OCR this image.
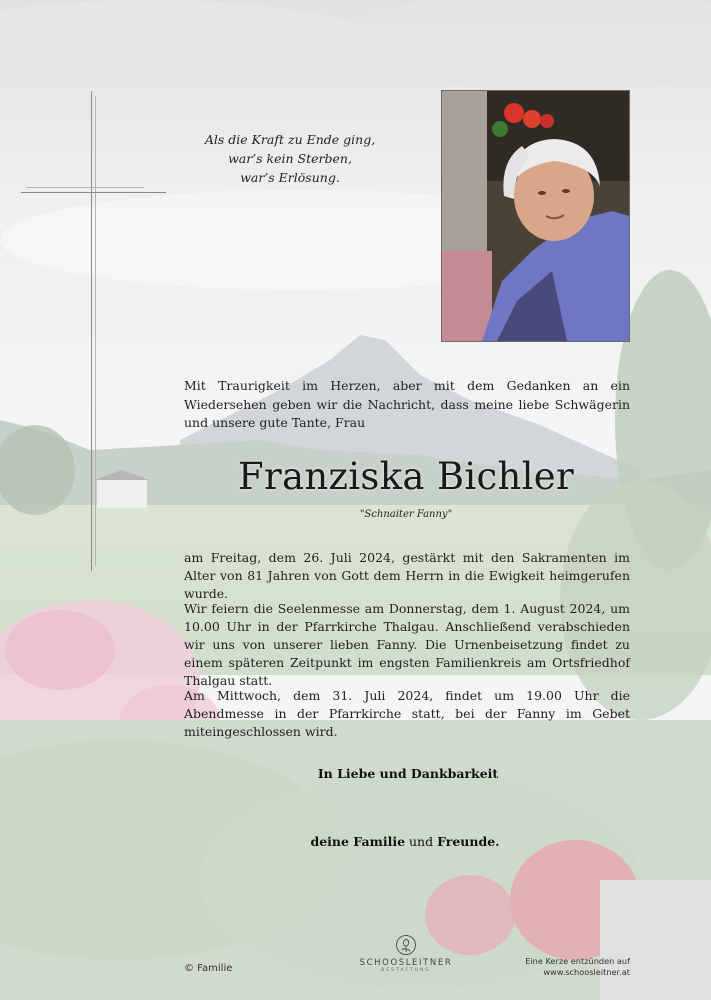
Als die Kraft zu Ende ging,
war’s kein Sterben,
war’s Erlösung.
Mit Traurigkeit im Herzen, aber mit dem Gedanken an ein Wiedersehen geben wir die Nachricht, dass meine liebe Schwägerin und unsere gute Tante, Frau
Franziska Bichler
"Schnaiter Fanny"
am Freitag, dem 26. Juli 2024, gestärkt mit den Sakramenten im Alter von 81 Jahren von Gott dem Herrn in die Ewigkeit heimgerufen wurde.
Wir feiern die Seelenmesse am Donnerstag, dem 1. August 2024, um 10.00 Uhr in der Pfarrkirche Thalgau. Anschließend verabschieden wir uns von unserer lieben Fanny. Die Urnenbeisetzung findet zu einem späteren Zeitpunkt im engsten Familienkreis am Ortsfriedhof Thalgau statt.
Am Mittwoch, dem 31. Juli 2024, findet um 19.00 Uhr die Abendmesse in der Pfarrkirche statt, bei der Fanny im Gebet miteingeschlossen wird.
In Liebe und Dankbarkeit
deine Familie und Freunde.
© Familie	SCHOOSLEITNER
BESTATTUNG
Eine Kerze entzünden auf
www.schoosleitner.at
